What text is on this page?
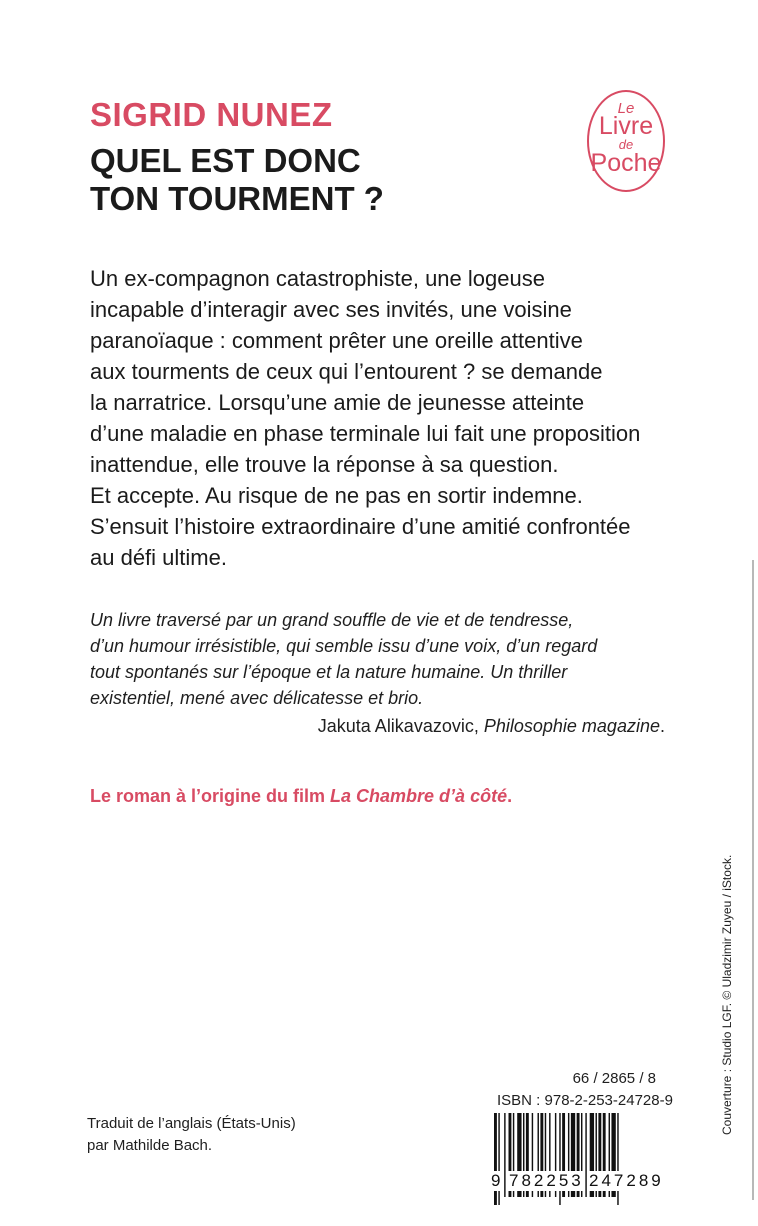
SIGRID NUNEZ
QUEL EST DONC
TON TOURMENT ?
Le
Livre
de
Poche

Un ex-compagnon catastrophiste, une logeuse
incapable d’interagir avec ses invités, une voisine
paranoïaque : comment prêter une oreille attentive
aux tourments de ceux qui l’entourent ? se demande
la narratrice. Lorsqu’une amie de jeunesse atteinte
d’une maladie en phase terminale lui fait une proposition
inattendue, elle trouve la réponse à sa question.
Et accepte. Au risque de ne pas en sortir indemne.
S’ensuit l’histoire extraordinaire d’une amitié confrontée
au défi ultime.

Un livre traversé par un grand souffle de vie et de tendresse,
d’un humour irrésistible, qui semble issu d’une voix, d’un regard
tout spontanés sur l’époque et la nature humaine. Un thriller
existentiel, mené avec délicatesse et brio.

Jakuta Alikavazovic, Philosophie magazine.

Le roman à l’origine du film La Chambre d’à côté.

Traduit de l’anglais (États-Unis)
par Mathilde Bach.

66 / 2865 / 8

ISBN : 978-2-253-24728-9

9 782253 247289

Couverture : Studio LGF. © Uladzimir Zuyeu / iStock.
